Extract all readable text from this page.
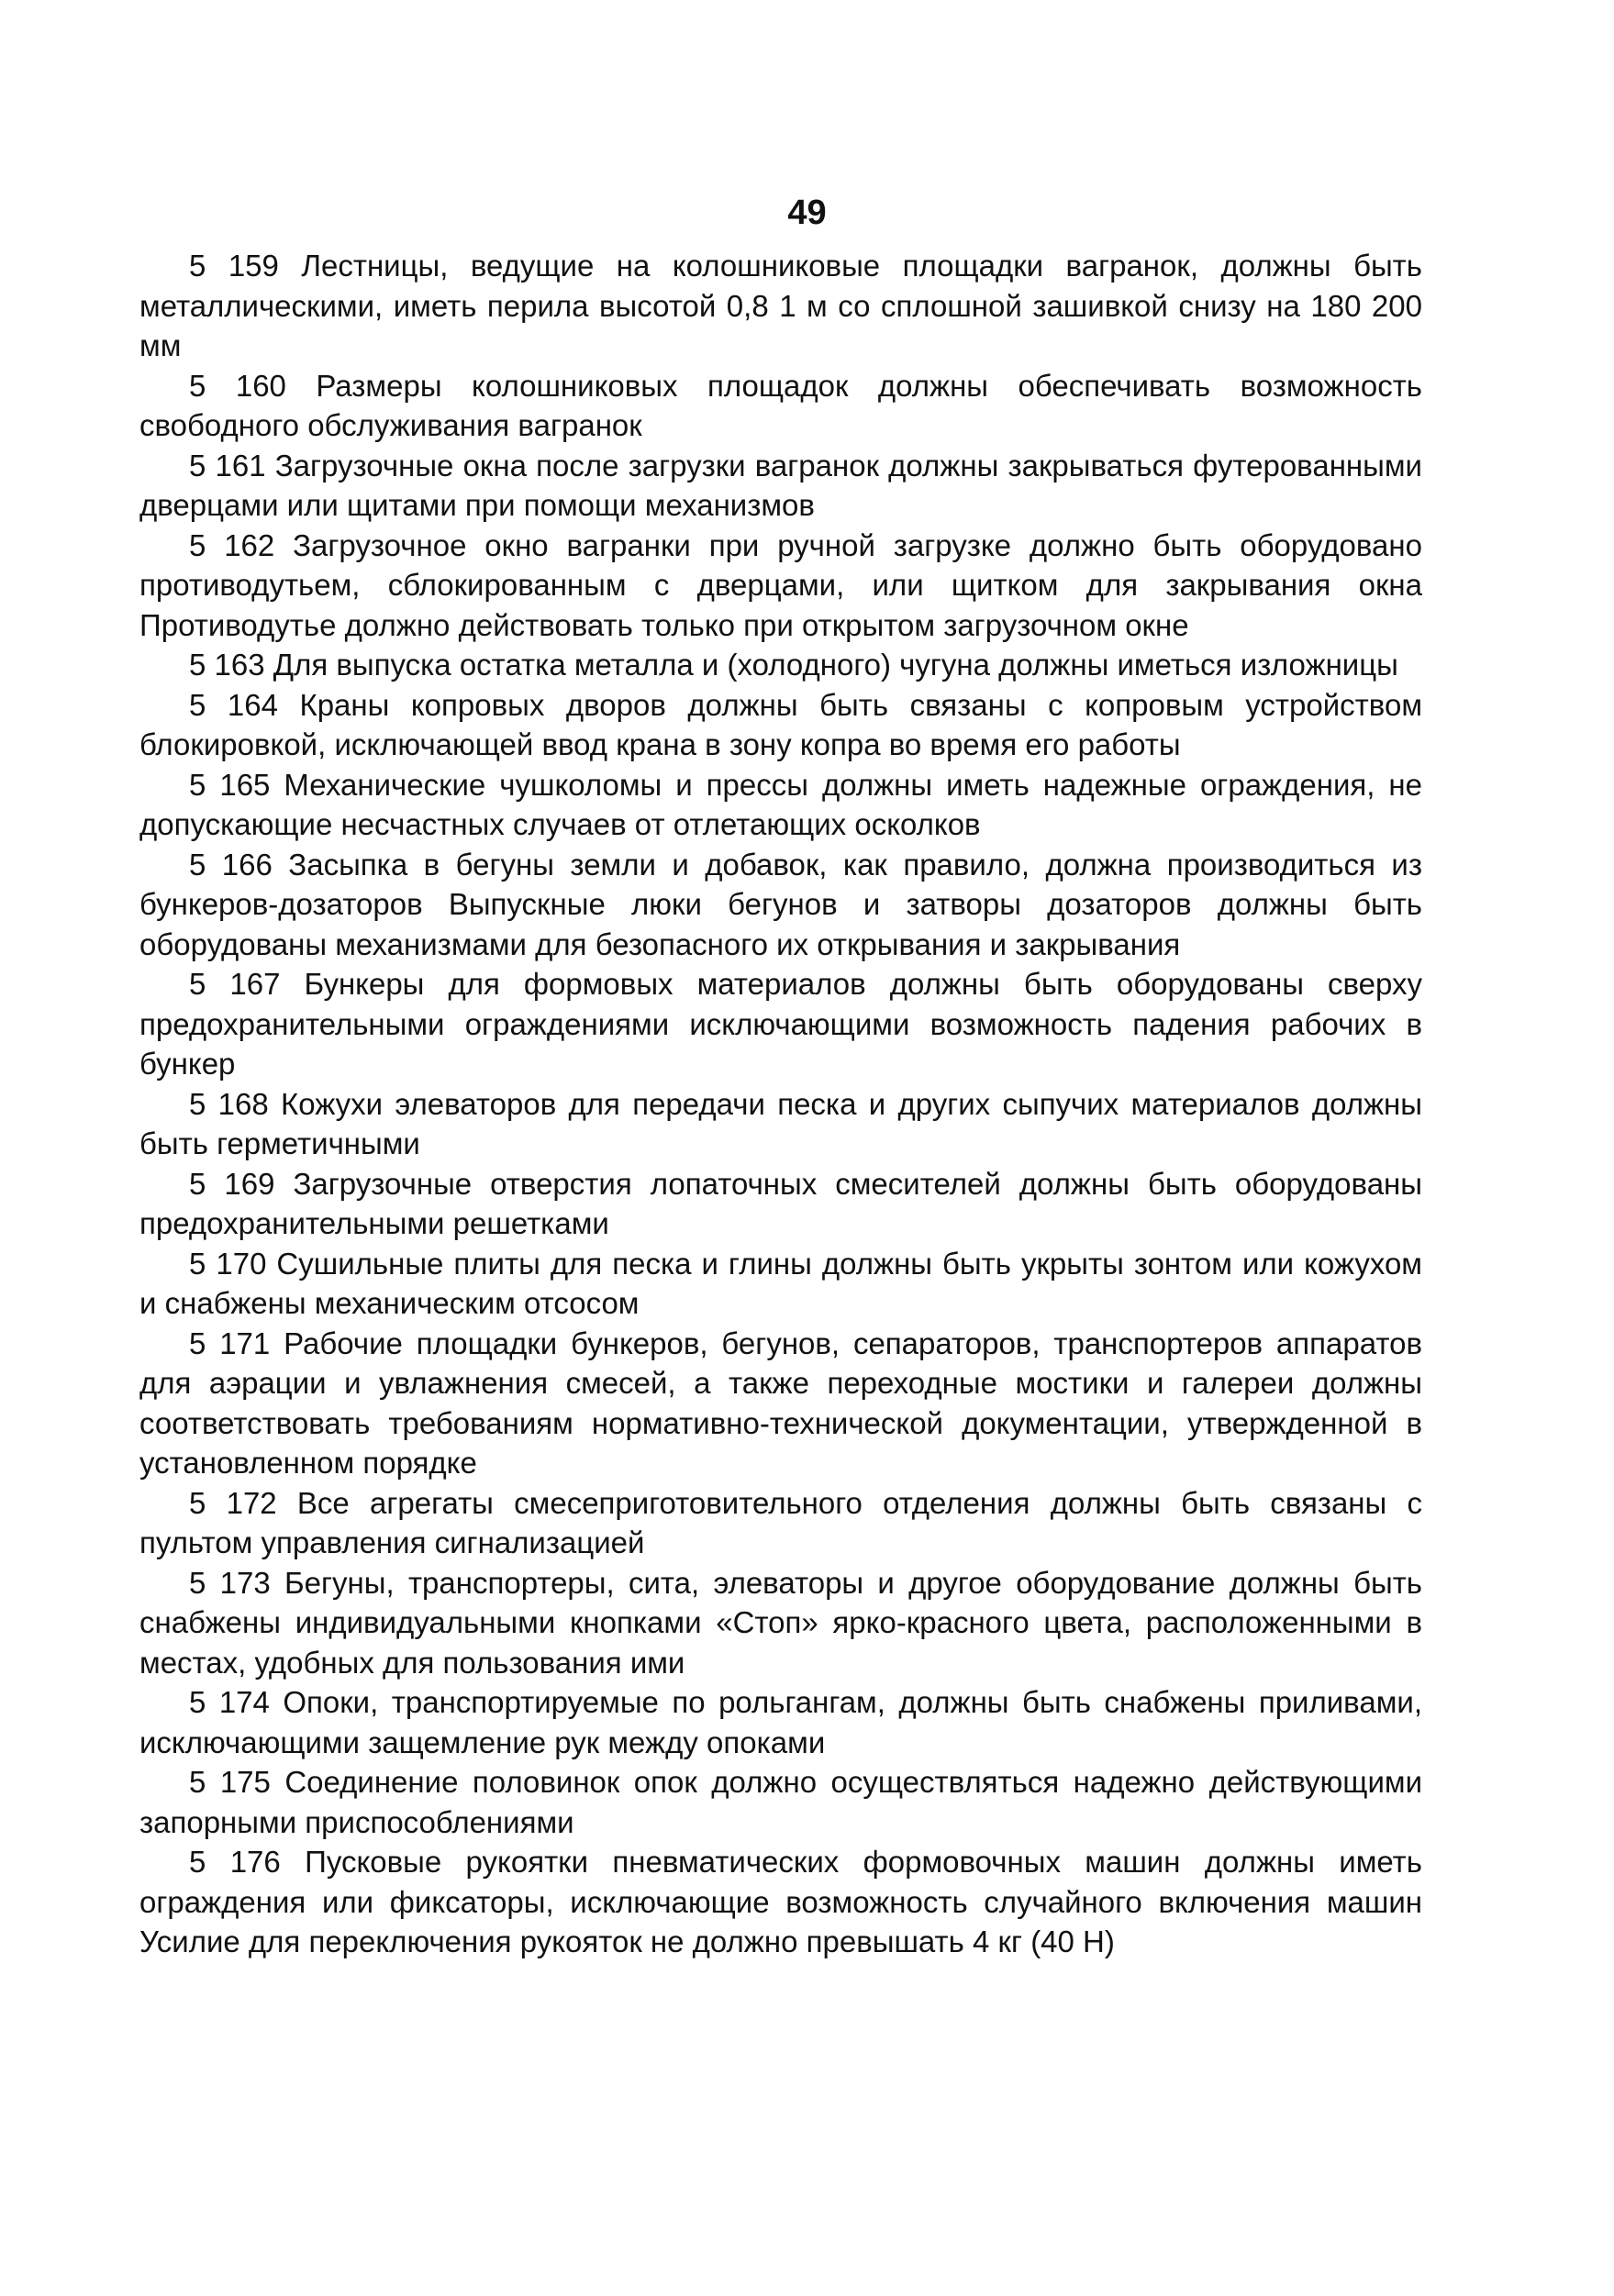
49

5 159 Лестницы, ведущие на колошниковые площадки вагранок, должны быть металлическими, иметь перила высотой 0,8 1 м со сплошной зашивкой снизу на 180 200 мм

5 160 Размеры колошниковых площадок должны обеспечивать возможность свободного обслуживания вагранок

5 161 Загрузочные окна после загрузки вагранок должны закрываться футерованными дверцами или щитами при помощи механизмов

5 162 Загрузочное окно вагранки при ручной загрузке должно быть оборудовано противодутьем, сблокированным с дверцами, или щитком для закрывания окна Противодутье должно действовать только при открытом загрузочном окне

5 163 Для выпуска остатка металла и (холодного) чугуна должны иметься изложницы

5 164 Краны копровых дворов должны быть связаны с копровым устройством блокировкой, исключающей ввод крана в зону копра во время его работы

5 165 Механические чушколомы и прессы должны иметь надежные ограждения, не допускающие несчастных случаев от отлетающих осколков

5 166 Засыпка в бегуны земли и добавок, как правило, должна производиться из бункеров-дозаторов Выпускные люки бегунов и затворы дозаторов должны быть оборудованы механизмами для безопасного их открывания и закрывания

5 167 Бункеры для формовых материалов должны быть оборудованы сверху предохранительными ограждениями исключающими возможность падения рабочих в бункер

5 168 Кожухи элеваторов для передачи песка и других сыпучих материалов должны быть герметичными

5 169 Загрузочные отверстия лопаточных смесителей должны быть оборудованы предохранительными решетками

5 170 Сушильные плиты для песка и глины должны быть укрыты зонтом или кожухом и снабжены механическим отсосом

5 171 Рабочие площадки бункеров, бегунов, сепараторов, транспортеров аппаратов для аэрации и увлажнения смесей, а также переходные мостики и галереи должны соответствовать требованиям нормативно-технической документации, утвержденной в установленном порядке

5 172 Все агрегаты смесеприготовительного отделения должны быть связаны с пультом управления сигнализацией

5 173 Бегуны, транспортеры, сита, элеваторы и другое оборудование должны быть снабжены индивидуальными кнопками «Стоп» ярко-красного цвета, расположенными в местах, удобных для пользования ими

5 174 Опоки, транспортируемые по рольгангам, должны быть снабжены приливами, исключающими защемление рук между опоками

5 175 Соединение половинок опок должно осуществляться надежно действующими запорными приспособлениями

5 176 Пусковые рукоятки пневматических формовочных машин должны иметь ограждения или фиксаторы, исключающие возможность случайного включения машин Усилие для переключения рукояток не должно превышать 4 кг (40 Н)
